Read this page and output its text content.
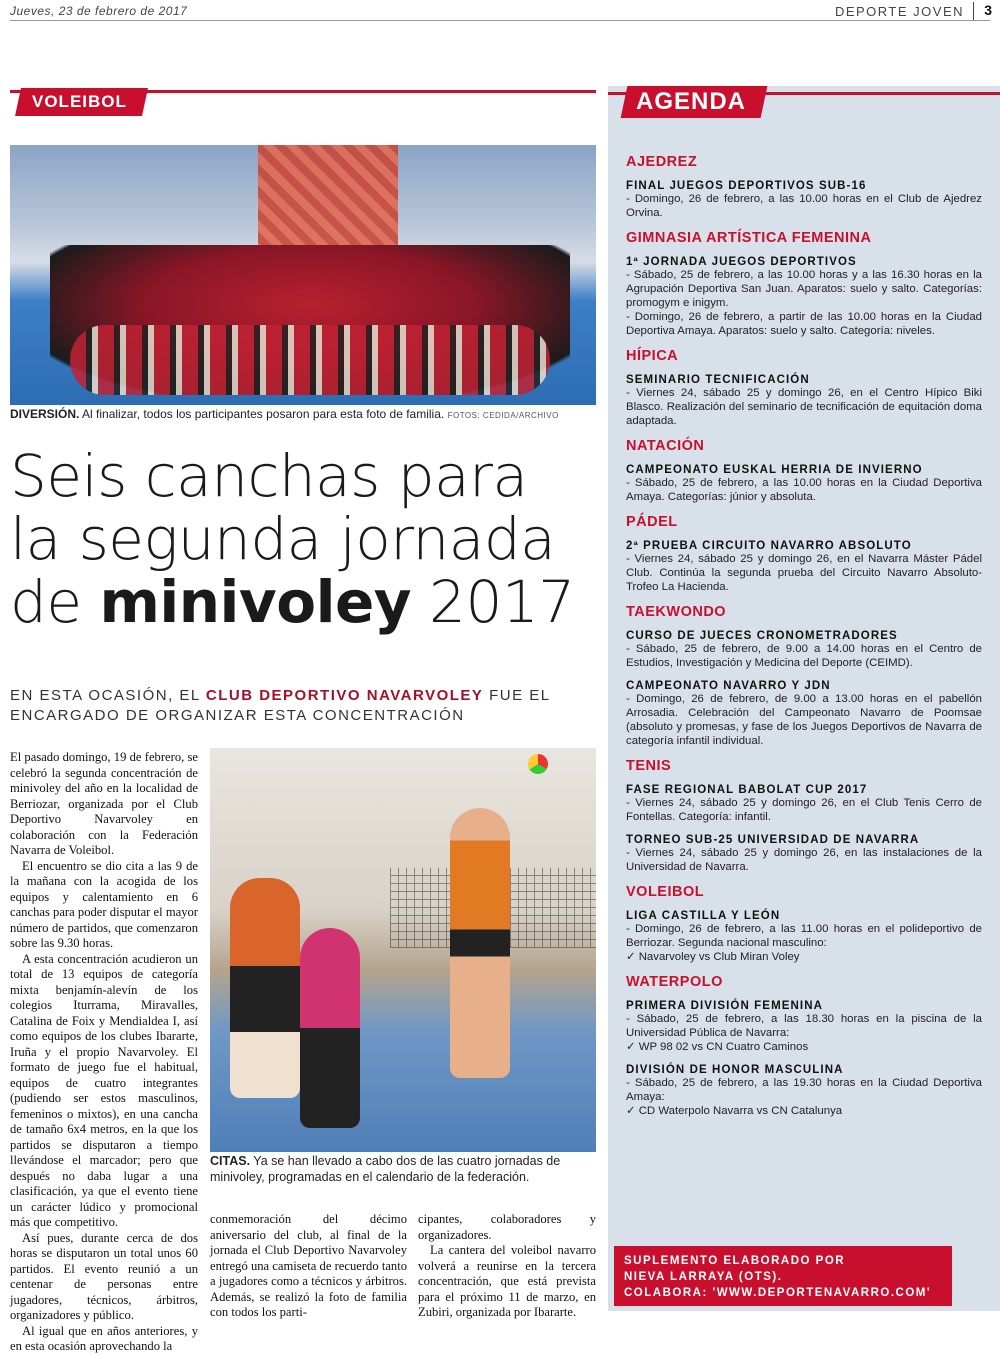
Jueves, 23 de febrero de 2017	DEPORTE JOVEN 3
VOLEIBOL
DIVERSIÓN. Al finalizar, todos los participantes posaron para esta foto de familia. FOTOS: CEDIDA/ARCHIVO
Seis canchas para
la segunda jornada
de minivoley 2017
EN ESTA OCASIÓN, EL CLUB DEPORTIVO NAVARVOLEY FUE EL ENCARGADO DE ORGANIZAR ESTA CONCENTRACIÓN

El pasado domingo, 19 de febrero, se celebró la segunda concentración de minivoley del año en la localidad de Berriozar, organizada por el Club Deportivo Navarvoley en colaboración con la Federación Navarra de Voleibol.

El encuentro se dio cita a las 9 de la mañana con la acogida de los equipos y calentamiento en 6 canchas para poder disputar el mayor número de partidos, que comenzaron sobre las 9.30 horas.

A esta concentración acudieron un total de 13 equipos de categoría mixta benjamín-alevín de los colegios Iturrama, Miravalles, Catalina de Foix y Mendialdea I, así como equipos de los clubes Ibararte, Iruña y el propio Navarvoley. El formato de juego fue el habitual, equipos de cuatro integrantes (pudiendo ser estos masculinos, femeninos o mixtos), en una cancha de tamaño 6x4 metros, en la que los partidos se disputaron a tiempo llevándose el marcador; pero que después no daba lugar a una clasificación, ya que el evento tiene un carácter lúdico y promocional más que competitivo.

Así pues, durante cerca de dos horas se disputaron un total unos 60 partidos. El evento reunió a un centenar de personas entre jugadores, técnicos, árbitros, organizadores y público.

Al igual que en años anteriores, y en esta ocasión aprovechando la

CITAS. Ya se han llevado a cabo dos de las cuatro jornadas de minivoley, programadas en el calendario de la federación.

conmemoración del décimo aniversario del club, al final de la jornada el Club Deportivo Navarvoley entregó una camiseta de recuerdo tanto a jugadores como a técnicos y árbitros. Además, se realizó la foto de familia con todos los parti-

cipantes, colaboradores y organizadores.

La cantera del voleibol navarro volverá a reunirse en la tercera concentración, que está prevista para el próximo 11 de marzo, en Zubiri, organizada por Ibararte.

AGENDA
AJEDREZ
FINAL JUEGOS DEPORTIVOS SUB-16
- Domingo, 26 de febrero, a las 10.00 horas en el Club de Ajedrez Orvina.
GIMNASIA ARTÍSTICA FEMENINA
1ª JORNADA JUEGOS DEPORTIVOS
- Sábado, 25 de febrero, a las 10.00 horas y a las 16.30 horas en la Agrupación Deportiva San Juan. Aparatos: suelo y salto. Categorías: promogym e inigym.
- Domingo, 26 de febrero, a partir de las 10.00 horas en la Ciudad Deportiva Amaya. Aparatos: suelo y salto. Categoría: niveles.
HÍPICA
SEMINARIO TECNIFICACIÓN
- Viernes 24, sábado 25 y domingo 26, en el Centro Hípico Biki Blasco. Realización del seminario de tecnificación de equitación doma adaptada.
NATACIÓN
CAMPEONATO EUSKAL HERRIA DE INVIERNO
- Sábado, 25 de febrero, a las 10.00 horas en la Ciudad Deportiva Amaya. Categorías: júnior y absoluta.
PÁDEL
2ª PRUEBA CIRCUITO NAVARRO ABSOLUTO
- Viernes 24, sábado 25 y domingo 26, en el Navarra Máster Pádel Club. Continúa la segunda prueba del Circuito Navarro Absoluto-Trofeo La Hacienda.
TAEKWONDO
CURSO DE JUECES CRONOMETRADORES
- Sábado, 25 de febrero, de 9.00 a 14.00 horas en el Centro de Estudios, Investigación y Medicina del Deporte (CEIMD).
CAMPEONATO NAVARRO Y JDN
- Domingo, 26 de febrero, de 9.00 a 13.00 horas en el pabellón Arrosadia. Celebración del Campeonato Navarro de Poomsae (absoluto y promesas, y fase de los Juegos Deportivos de Navarra de categoría infantil individual.
TENIS
FASE REGIONAL BABOLAT CUP 2017
- Viernes 24, sábado 25 y domingo 26, en el Club Tenis Cerro de Fontellas. Categoría: infantil.
TORNEO SUB-25 UNIVERSIDAD DE NAVARRA
- Viernes 24, sábado 25 y domingo 26, en las instalaciones de la Universidad de Navarra.
VOLEIBOL
LIGA CASTILLA Y LEÓN
- Domingo, 26 de febrero, a las 11.00 horas en el polideportivo de Berriozar. Segunda nacional masculino:
✓ Navarvoley vs Club Miran Voley
WATERPOLO
PRIMERA DIVISIÓN FEMENINA
- Sábado, 25 de febrero, a las 18.30 horas en la piscina de la Universidad Pública de Navarra:
✓ WP 98 02 vs CN Cuatro Caminos
DIVISIÓN DE HONOR MASCULINA
- Sábado, 25 de febrero, a las 19.30 horas en la Ciudad Deportiva Amaya:
✓ CD Waterpolo Navarra vs CN Catalunya
SUPLEMENTO ELABORADO POR
NIEVA LARRAYA (OTS).
COLABORA: 'WWW.DEPORTENAVARRO.COM'
